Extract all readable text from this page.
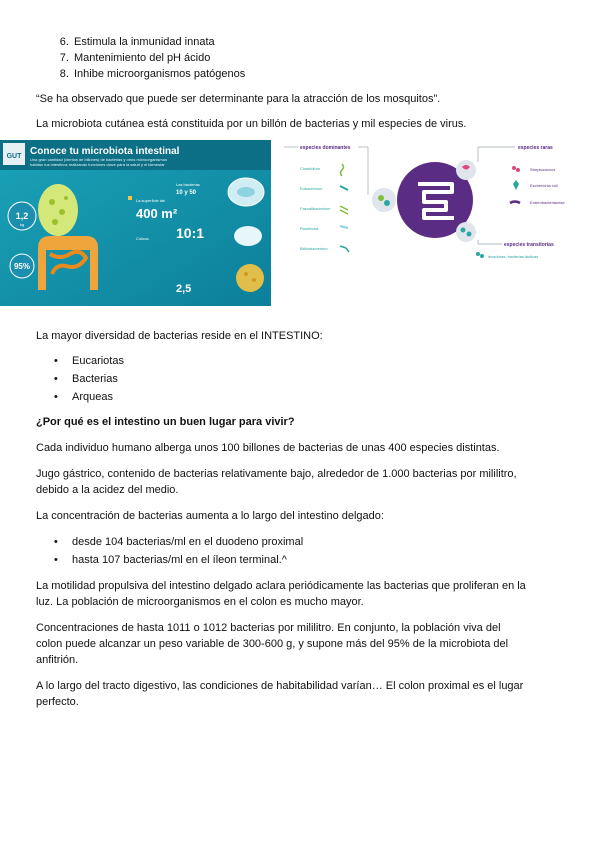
6. Estimula la inmunidad innata
7. Mantenimiento del pH ácido
8. Inhibe microorganismos patógenos

“Se ha observado que puede ser determinante para la atracción de los mosquitos”.

La microbiota cutánea está constituida por un billón de bacterias y mil especies de virus.

GUT Conoce tu microbiota intestinal
Una gran cantidad (cientos de billones) de bacterias y otros microorganismos
habitan tus intestinos realizando funciones clave para la salud y el bienestar
1,2
kg
95%
La superficie del
400 m²
Coloca.
Las bacterias
10 y 50
10:1
2,5
especies dominantes
Clostridium
Eubacterium
Faecalibacterium
Roseburia
Bifidobacterium
especies raras
Streptococcus
Escherichia coli
Enterobacteriaceae
especies transitorias
levaduras, bacterias lácticas

La mayor diversidad de bacterias reside en el INTESTINO:

• Eucariotas
• Bacterias
• Arqueas

¿Por qué es el intestino un buen lugar para vivir?

Cada individuo humano alberga unos 100 billones de bacterias de unas 400 especies distintas.

Jugo gástrico, contenido de bacterias relativamente bajo, alrededor de 1.000 bacterias por mililitro,
debido a la acidez del medio.

La concentración de bacterias aumenta a lo largo del intestino delgado:

• desde 104 bacterias/ml en el duodeno proximal
• hasta 107 bacterias/ml en el íleon terminal.^

La motilidad propulsiva del intestino delgado aclara periódicamente las bacterias que proliferan en la
luz. La población de microorganismos en el colon es mucho mayor.

Concentraciones de hasta 1011 o 1012 bacterias por mililitro. En conjunto, la población viva del
colon puede alcanzar un peso variable de 300-600 g, y supone más del 95% de la microbiota del
anfitrión.

A lo largo del tracto digestivo, las condiciones de habitabilidad varían… El colon proximal es el lugar
perfecto.
